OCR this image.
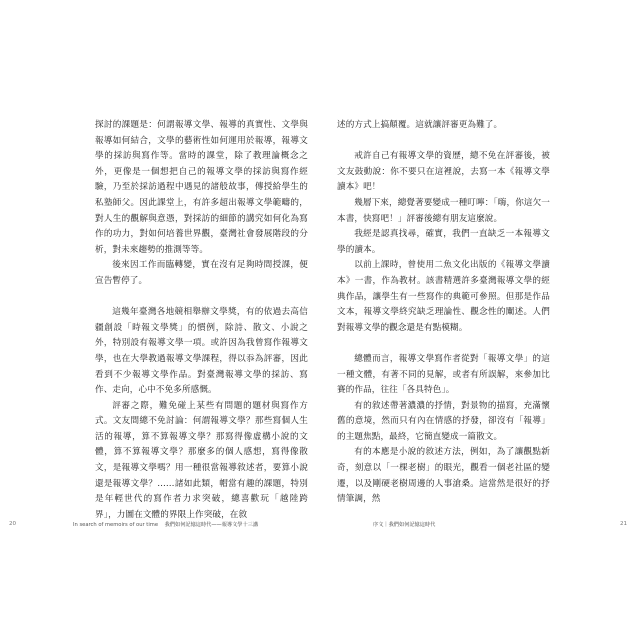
探討的課題是：何謂報導文學、報導的真實性、文學與報導如何結合，文學的藝術性如何運用於報導，報導文學的採訪與寫作等。當時的課堂，除了教理論概念之外，更像是一個想把自己的報導文學的採訪與寫作經驗，乃至於採訪過程中遇見的諸般故事，傳授給學生的私塾師父。因此課堂上，有許多超出報導文學範疇的，對人生的觀解與意憑，對採訪的細節的講究如何化為寫作的功力，對如何培養世界觀，臺灣社會發展階段的分析，對未來趨勢的推測等等。

後來因工作而臨轉變，實在沒有足夠時間授課，便宣告暫停了。

這幾年臺灣各地競相舉辦文學獎，有的依過去高信疆創設「時報文學獎」的慣例，除詩、散文、小說之外，特別設有報導文學一項。或許因為我曾寫作報導文學，也在大學教過報導文學課程，得以忝為評審，因此看到不少報導文學作品。對臺灣報導文學的採訪、寫作、走向，心中不免多所感慨。

評審之際，難免碰上某些有問題的題材與寫作方式。文友間總不免討論：何謂報導文學？那些寫個人生活的報導，算不算報導文學？那寫得像虛構小說的文體，算不算報導文學？那麼多的個人感想，寫得像散文，是報導文學嗎？用一種很當報導敘述者，要算小說還是報導文學？……諸如此類，帽當有趣的課題，特別是年輕世代的寫作者力求突破，總喜歡玩「越陸跨界」，力圖在文體的界限上作突破，在敘

述的方式上搞顛覆。這就讓評審更為難了。

戒許自己有報導文學的資歷，總不免在評審後，被文友鼓動說：你不要只在這裡說，去寫一本《報導文學讀本》吧！

幾層下來，總覺著要變成一種叮嚀：「嗨，你這欠一本書，快寫吧！」評審後總有朋友這麼說。

我經是認真找尋，確實，我們一直缺乏一本報導文學的讀本。

以前上課時，曾使用二魚文化出版的《報導文學讀本》一書，作為教材。該書精選許多臺灣報導文學的經典作品，讓學生有一些寫作的典範可參照。但那是作品文本，報導文學終究缺乏理論性、觀念性的闡述。人們對報導文學的觀念還是有點模糊。

總體而言，報導文學寫作者從對「報導文學」的這一種文體，有著不同的見解，或者有所誤解，來參加比賽的作品，往往「各具特色」。

有的敘述帶著濃濃的抒情，對景物的描寫，充滿懷舊的意境，然而只有內在情感的抒發，卻沒有「報導」的主題焦點，最終，它簡直變成一篇散文。

有的本應是小說的敘述方法，例如，為了讓觀點新奇，刻意以「一棵老樹」的眼光，觀看一個老社區的變遷，以及剛硬老樹周邊的人事滄桑。這當然是很好的抒情筆調，然

20	In search of memoirs of our time 我們如何記憶這時代——報導文學十三講	序文｜我們如何記憶這時代	21
